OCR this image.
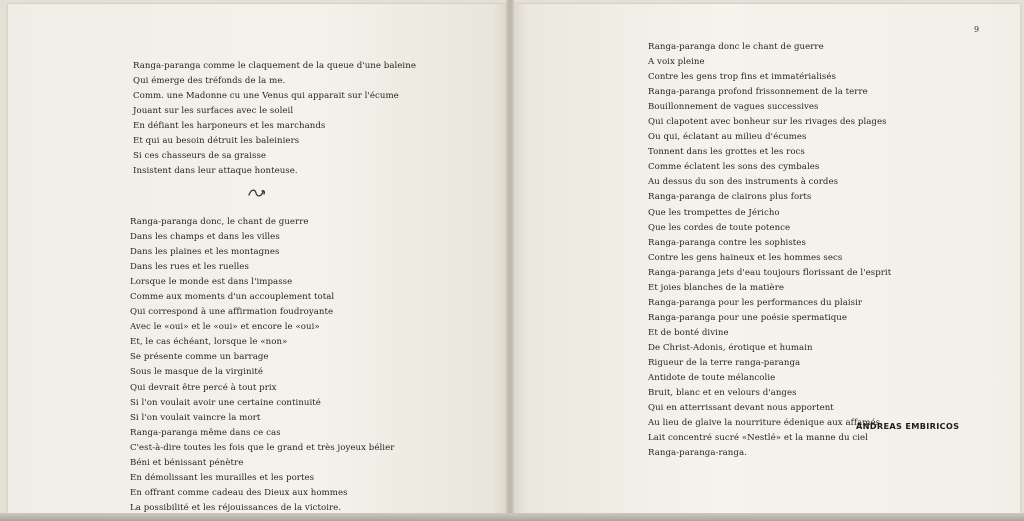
Ranga-paranga comme le claquement de la queue d'une baleine
Qui émerge des tréfonds de la me.
Comm. une Madonne cu une Venus qui apparait sur l'écume
Jouant sur les surfaces avec le soleil
En défiant les harponeurs et les marchands
Et qui au besoin détruit les baleiniers
Si ces chasseurs de sa graisse
Insistent dans leur attaque honteuse.
Ranga-paranga donc, le chant de guerre
Dans les champs et dans les villes
Dans les plaines et les montagnes
Dans les rues et les ruelles
Lorsque le monde est dans l'impasse
Comme aux moments d'un accouplement total
Qui correspond à une affirmation foudroyante
Avec le «oui» et le «oui» et encore le «oui»
Et, le cas échéant, lorsque le «non»
Se présente comme un barrage
Sous le masque de la virginité
Qui devrait être percé à tout prix
Si l'on voulait avoir une certaine continuité
Si l'on voulait vaincre la mort
Ranga-paranga même dans ce cas
C'est-à-dire toutes les fois que le grand et très joyeux bélier
Béni et bénissant pénètre
En démolissant les murailles et les portes
En offrant comme cadeau des Dieux aux hommes
La possibilité et les réjouissances de la victoire.
9
Ranga-paranga donc le chant de guerre
A voix pleine
Contre les gens trop fins et immatérialisés
Ranga-paranga profond frissonnement de la terre
Bouillonnement de vagues successives
Qui clapotent avec bonheur sur les rivages des plages
Ou qui, éclatant au milieu d'écumes
Tonnent dans les grottes et les rocs
Comme éclatent les sons des cymbales
Au dessus du son des instruments à cordes
Ranga-paranga de clairons plus forts
Que les trompettes de Jéricho
Que les cordes de toute potence
Ranga-paranga contre les sophistes
Contre les gens haineux et les hommes secs
Ranga-paranga jets d'eau toujours florissant de l'esprit
Et joies blanches de la matière
Ranga-paranga pour les performances du plaisir
Ranga-paranga pour une poésie spermatique
Et de bonté divine
De Christ-Adonis, érotique et humain
Rigueur de la terre ranga-paranga
Antidote de toute mélancolie
Bruit, blanc et en velours d'anges
Qui en atterrissant devant nous apportent
Au lieu de glaive la nourriture édenique aux affamés
Lait concentré sucré «Nestlé» et la manne du ciel
Ranga-paranga-ranga.
ANDREAS EMBIRICOS
